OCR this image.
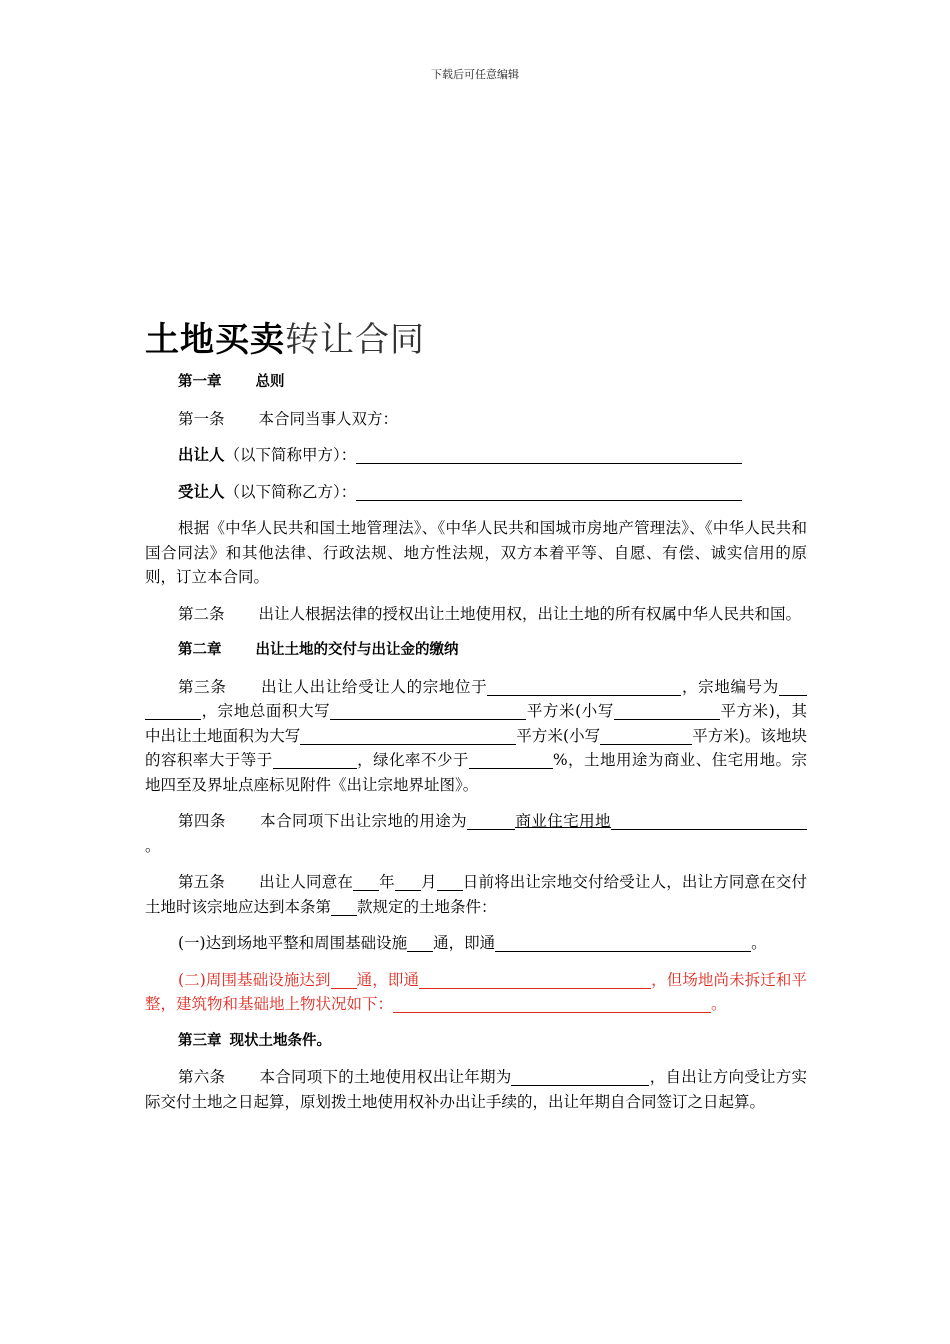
下载后可任意编辑
土地买卖转让合同

第一章 总则

第一条 本合同当事人双方：

出让人（以下简称甲方）：

受让人（以下简称乙方）：

根据《中华人民共和国土地管理法》、《中华人民共和国城市房地产管理法》、《中华人民共和国合同法》和其他法律、行政法规、地方性法规，双方本着平等、自愿、有偿、诚实信用的原则，订立本合同。

第二条 出让人根据法律的授权出让土地使用权，出让土地的所有权属中华人民共和国。

第二章 出让土地的交付与出让金的缴纳

第三条 出让人出让给受让人的宗地位于	，宗地编号为，宗地总面积大写	平方米(小写	平方米)，其中出让土地面积为大写	平方米(小写	平方米)。该地块的容积率大于等于	，绿化率不少于	%，土地用途为商业、住宅用地。宗地四至及界址点座标见附件《出让宗地界址图》。

第四条 本合同项下出让宗地的用途为	商业住宅用地。

第五条 出让人同意在 年 月 日前将出让宗地交付给受让人，出让方同意在交付土地时该宗地应达到本条第 款规定的土地条件：

(一)达到场地平整和周围基础设施 通，即通	。

(二)周围基础设施达到 通，即通	，但场地尚未拆迁和平整，建筑物和基础地上物状况如下：	。

第三章 现状土地条件。

第六条 本合同项下的土地使用权出让年期为	，自出让方向受让方实际交付土地之日起算，原划拨土地使用权补办出让手续的，出让年期自合同签订之日起算。
